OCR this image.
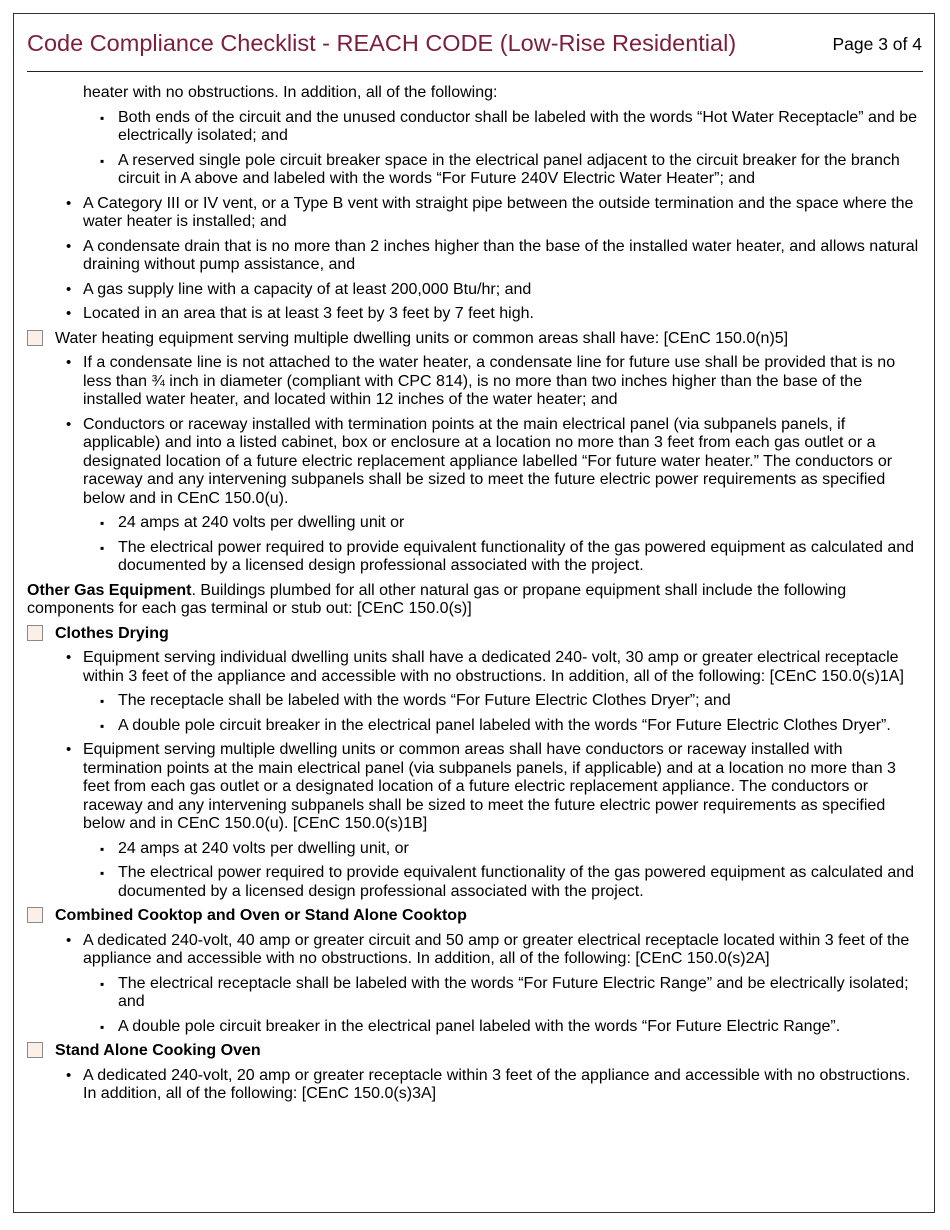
Code Compliance Checklist - REACH CODE (Low-Rise Residential)	Page 3 of 4

heater with no obstructions. In addition, all of the following:

▪ Both ends of the circuit and the unused conductor shall be labeled with the words “Hot Water Receptacle” and be electrically isolated; and

▪ A reserved single pole circuit breaker space in the electrical panel adjacent to the circuit breaker for the branch circuit in A above and labeled with the words “For Future 240V Electric Water Heater”; and

• A Category III or IV vent, or a Type B vent with straight pipe between the outside termination and the space where the water heater is installed; and

• A condensate drain that is no more than 2 inches higher than the base of the installed water heater, and allows natural draining without pump assistance, and

• A gas supply line with a capacity of at least 200,000 Btu/hr; and

• Located in an area that is at least 3 feet by 3 feet by 7 feet high.

Water heating equipment serving multiple dwelling units or common areas shall have: [CEnC 150.0(n)5]

• If a condensate line is not attached to the water heater, a condensate line for future use shall be provided that is no less than ¾ inch in diameter (compliant with CPC 814), is no more than two inches higher than the base of the installed water heater, and located within 12 inches of the water heater; and

• Conductors or raceway installed with termination points at the main electrical panel (via subpanels panels, if applicable) and into a listed cabinet, box or enclosure at a location no more than 3 feet from each gas outlet or a designated location of a future electric replacement appliance labelled “For future water heater.” The conductors or raceway and any intervening subpanels shall be sized to meet the future electric power requirements as specified below and in CEnC 150.0(u).

▪ 24 amps at 240 volts per dwelling unit or

▪ The electrical power required to provide equivalent functionality of the gas powered equipment as calculated and documented by a licensed design professional associated with the project.

Other Gas Equipment. Buildings plumbed for all other natural gas or propane equipment shall include the following components for each gas terminal or stub out: [CEnC 150.0(s)]

Clothes Drying

• Equipment serving individual dwelling units shall have a dedicated 240- volt, 30 amp or greater electrical receptacle within 3 feet of the appliance and accessible with no obstructions. In addition, all of the following: [CEnC 150.0(s)1A]

▪ The receptacle shall be labeled with the words “For Future Electric Clothes Dryer”; and

▪ A double pole circuit breaker in the electrical panel labeled with the words “For Future Electric Clothes Dryer”.

• Equipment serving multiple dwelling units or common areas shall have conductors or raceway installed with termination points at the main electrical panel (via subpanels panels, if applicable) and at a location no more than 3 feet from each gas outlet or a designated location of a future electric replacement appliance. The conductors or raceway and any intervening subpanels shall be sized to meet the future electric power requirements as specified below and in CEnC 150.0(u). [CEnC 150.0(s)1B]

▪ 24 amps at 240 volts per dwelling unit, or

▪ The electrical power required to provide equivalent functionality of the gas powered equipment as calculated and documented by a licensed design professional associated with the project.

Combined Cooktop and Oven or Stand Alone Cooktop

• A dedicated 240-volt, 40 amp or greater circuit and 50 amp or greater electrical receptacle located within 3 feet of the appliance and accessible with no obstructions. In addition, all of the following: [CEnC 150.0(s)2A]

▪ The electrical receptacle shall be labeled with the words “For Future Electric Range” and be electrically isolated; and

▪ A double pole circuit breaker in the electrical panel labeled with the words “For Future Electric Range”.

Stand Alone Cooking Oven

• A dedicated 240-volt, 20 amp or greater receptacle within 3 feet of the appliance and accessible with no obstructions. In addition, all of the following: [CEnC 150.0(s)3A]
